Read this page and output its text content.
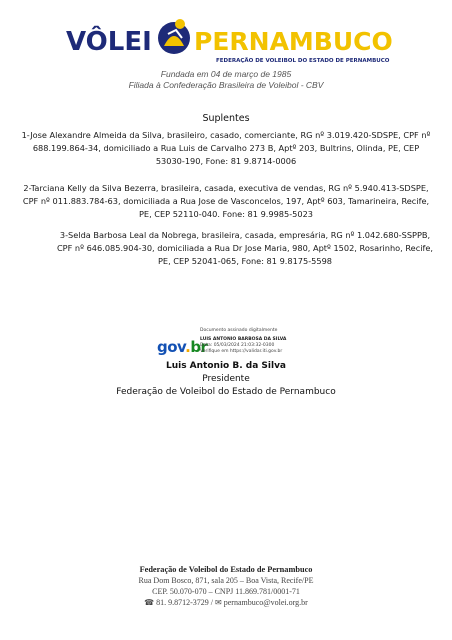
VÔLEI PERNAMBUCO
FEDERAÇÃO DE VOLEIBOL DO ESTADO DE PERNAMBUCO
Fundada em 04 de março de 1985
Filiada à Confederação Brasileira de Voleibol - CBV
Suplentes
1-Jose Alexandre Almeida da Silva, brasileiro, casado, comerciante, RG nº 3.019.420-SDSPE, CPF nº 688.199.864-34, domiciliado a Rua Luis de Carvalho 273 B, Aptº 203, Bultrins, Olinda, PE, CEP 53030-190, Fone: 81 9.8714-0006
2-Tarciana Kelly da Silva Bezerra, brasileira, casada, executiva de vendas, RG nº 5.940.413-SDSPE, CPF nº 011.883.784-63, domiciliada a Rua Jose de Vasconcelos, 197, Aptº 603, Tamarineira, Recife, PE, CEP 52110-040. Fone: 81 9.9985-5023
3-Selda Barbosa Leal da Nobrega, brasileira, casada, empresária, RG nº 1.042.680-SSPPB, CPF nº 646.085.904-30, domiciliada a Rua Dr Jose Maria, 980, Aptº 1502, Rosarinho, Recife, PE, CEP 52041-065, Fone: 81 9.8175-5598
gov.br
Documento assinado digitalmente
LUIS ANTONIO BARBOSA DA SILVA
Data: 05/03/2024 21:03:32-0300
Verifique em https://validar.iti.gov.br
Luis Antonio B. da Silva
Presidente
Federação de Voleibol do Estado de Pernambuco
Federação de Voleibol do Estado de Pernambuco
Rua Dom Bosco, 871, sala 205 – Boa Vista, Recife/PE
CEP. 50.070-070 – CNPJ 11.869.781/0001-71
☎ 81. 9.8712-3729 / ✉ pernambuco@volei.org.br
